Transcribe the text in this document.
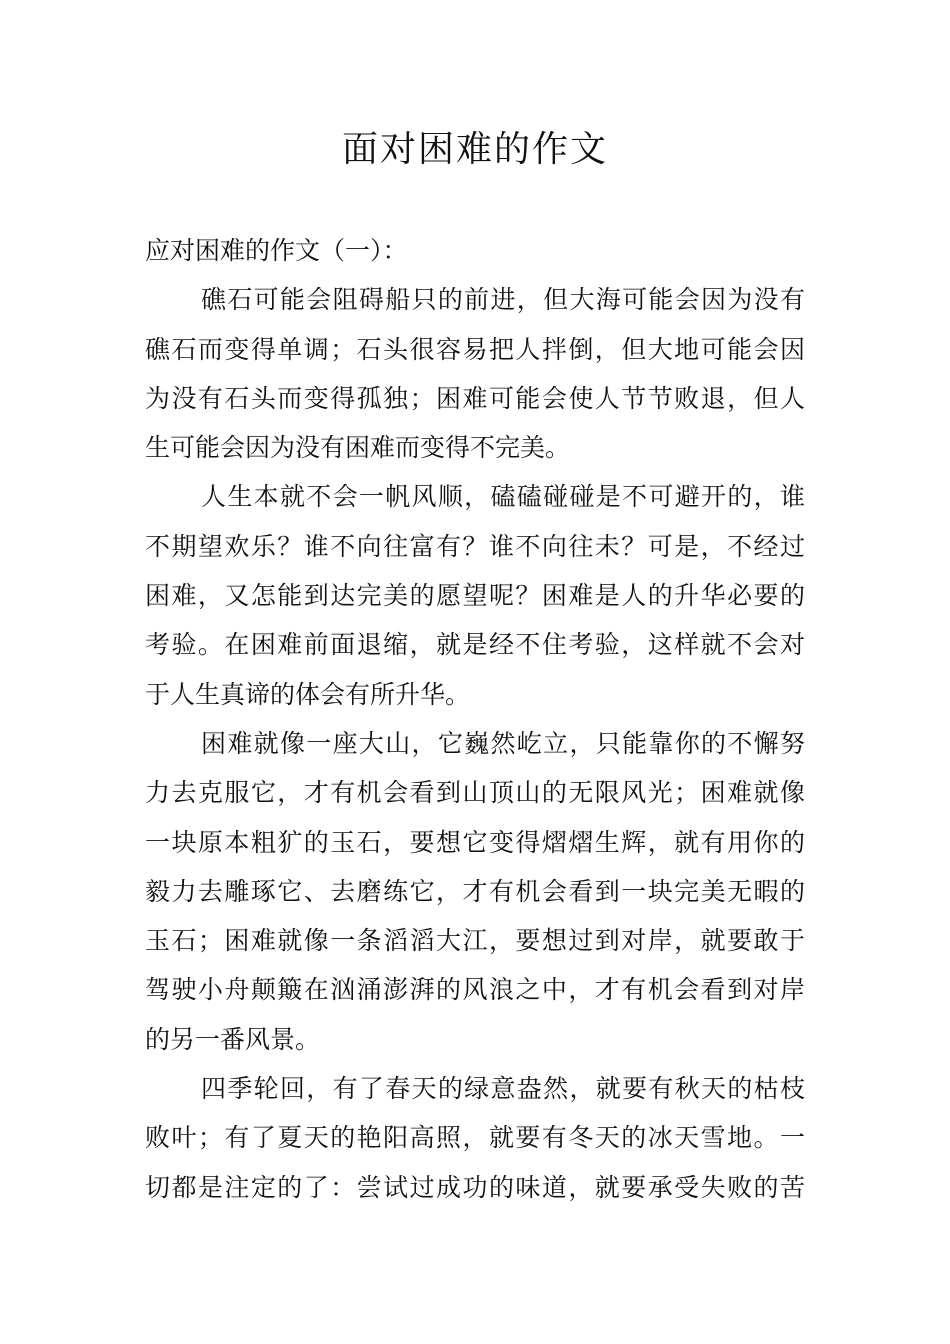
面对困难的作文
应对困难的作文（一）：
礁石可能会阻碍船只的前进，但大海可能会因为没有
礁石而变得单调；石头很容易把人拌倒，但大地可能会因
为没有石头而变得孤独；困难可能会使人节节败退，但人
生可能会因为没有困难而变得不完美。
人生本就不会一帆风顺，磕磕碰碰是不可避开的，谁
不期望欢乐？谁不向往富有？谁不向往未？可是，不经过
困难，又怎能到达完美的愿望呢？困难是人的升华必要的
考验。在困难前面退缩，就是经不住考验，这样就不会对
于人生真谛的体会有所升华。
困难就像一座大山，它巍然屹立，只能靠你的不懈努
力去克服它，才有机会看到山顶山的无限风光；困难就像
一块原本粗犷的玉石，要想它变得熠熠生辉，就有用你的
毅力去雕琢它、去磨练它，才有机会看到一块完美无暇的
玉石；困难就像一条滔滔大江，要想过到对岸，就要敢于
驾驶小舟颠簸在汹涌澎湃的风浪之中，才有机会看到对岸
的另一番风景。
四季轮回，有了春天的绿意盎然，就要有秋天的枯枝
败叶；有了夏天的艳阳高照，就要有冬天的冰天雪地。一
切都是注定的了：尝试过成功的味道，就要承受失败的苦
